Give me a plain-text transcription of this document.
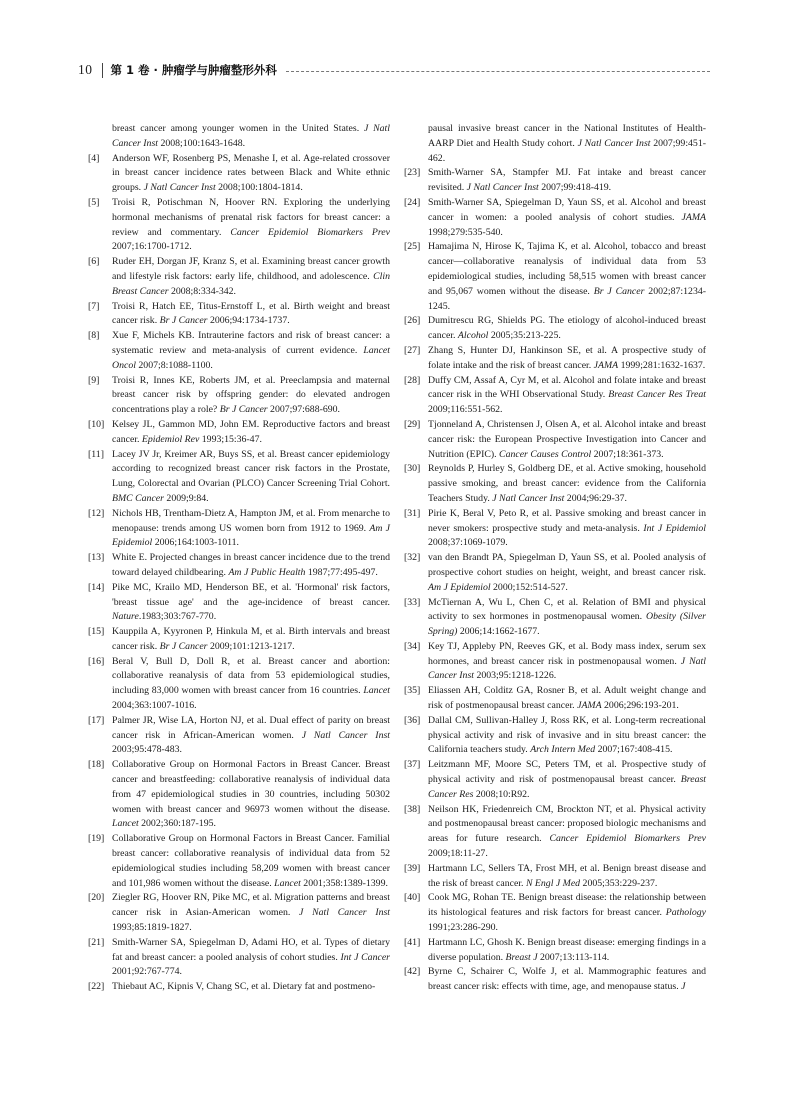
10 第 1 卷 · 肿瘤学与肿瘤整形外科
breast cancer among younger women in the United States. J Natl Cancer Inst 2008;100:1643-1648.
[4] Anderson WF, Rosenberg PS, Menashe I, et al. Age-related crossover in breast cancer incidence rates between Black and White ethnic groups. J Natl Cancer Inst 2008;100:1804-1814.
[5] Troisi R, Potischman N, Hoover RN. Exploring the underlying hormonal mechanisms of prenatal risk factors for breast cancer: a review and commentary. Cancer Epidemiol Biomarkers Prev 2007;16:1700-1712.
[6] Ruder EH, Dorgan JF, Kranz S, et al. Examining breast cancer growth and lifestyle risk factors: early life, childhood, and adolescence. Clin Breast Cancer 2008;8:334-342.
[7] Troisi R, Hatch EE, Titus-Ernstoff L, et al. Birth weight and breast cancer risk. Br J Cancer 2006;94:1734-1737.
[8] Xue F, Michels KB. Intrauterine factors and risk of breast cancer: a systematic review and meta-analysis of current evidence. Lancet Oncol 2007;8:1088-1100.
[9] Troisi R, Innes KE, Roberts JM, et al. Preeclampsia and maternal breast cancer risk by offspring gender: do elevated androgen concentrations play a role? Br J Cancer 2007;97:688-690.
[10] Kelsey JL, Gammon MD, John EM. Reproductive factors and breast cancer. Epidemiol Rev 1993;15:36-47.
[11] Lacey JV Jr, Kreimer AR, Buys SS, et al. Breast cancer epidemiology according to recognized breast cancer risk factors in the Prostate, Lung, Colorectal and Ovarian (PLCO) Cancer Screening Trial Cohort. BMC Cancer 2009;9:84.
[12] Nichols HB, Trentham-Dietz A, Hampton JM, et al. From menarche to menopause: trends among US women born from 1912 to 1969. Am J Epidemiol 2006;164:1003-1011.
[13] White E. Projected changes in breast cancer incidence due to the trend toward delayed childbearing. Am J Public Health 1987;77:495-497.
[14] Pike MC, Krailo MD, Henderson BE, et al. 'Hormonal' risk factors, 'breast tissue age' and the age-incidence of breast cancer. Nature.1983;303:767-770.
[15] Kauppila A, Kyyronen P, Hinkula M, et al. Birth intervals and breast cancer risk. Br J Cancer 2009;101:1213-1217.
[16] Beral V, Bull D, Doll R, et al. Breast cancer and abortion: collaborative reanalysis of data from 53 epidemiological studies, including 83,000 women with breast cancer from 16 countries. Lancet 2004;363:1007-1016.
[17] Palmer JR, Wise LA, Horton NJ, et al. Dual effect of parity on breast cancer risk in African-American women. J Natl Cancer Inst 2003;95:478-483.
[18] Collaborative Group on Hormonal Factors in Breast Cancer. Breast cancer and breastfeeding: collaborative reanalysis of individual data from 47 epidemiological studies in 30 countries, including 50302 women with breast cancer and 96973 women without the disease. Lancet 2002;360:187-195.
[19] Collaborative Group on Hormonal Factors in Breast Cancer. Familial breast cancer: collaborative reanalysis of individual data from 52 epidemiological studies including 58,209 women with breast cancer and 101,986 women without the disease. Lancet 2001;358:1389-1399.
[20] Ziegler RG, Hoover RN, Pike MC, et al. Migration patterns and breast cancer risk in Asian-American women. J Natl Cancer Inst 1993;85:1819-1827.
[21] Smith-Warner SA, Spiegelman D, Adami HO, et al. Types of dietary fat and breast cancer: a pooled analysis of cohort studies. Int J Cancer 2001;92:767-774.
[22] Thiebaut AC, Kipnis V, Chang SC, et al. Dietary fat and postmeno-
pausal invasive breast cancer in the National Institutes of Health-AARP Diet and Health Study cohort. J Natl Cancer Inst 2007;99:451-462.
[23] Smith-Warner SA, Stampfer MJ. Fat intake and breast cancer revisited. J Natl Cancer Inst 2007;99:418-419.
[24] Smith-Warner SA, Spiegelman D, Yaun SS, et al. Alcohol and breast cancer in women: a pooled analysis of cohort studies. JAMA 1998;279:535-540.
[25] Hamajima N, Hirose K, Tajima K, et al. Alcohol, tobacco and breast cancer—collaborative reanalysis of individual data from 53 epidemiological studies, including 58,515 women with breast cancer and 95,067 women without the disease. Br J Cancer 2002;87:1234-1245.
[26] Dumitrescu RG, Shields PG. The etiology of alcohol-induced breast cancer. Alcohol 2005;35:213-225.
[27] Zhang S, Hunter DJ, Hankinson SE, et al. A prospective study of folate intake and the risk of breast cancer. JAMA 1999;281:1632-1637.
[28] Duffy CM, Assaf A, Cyr M, et al. Alcohol and folate intake and breast cancer risk in the WHI Observational Study. Breast Cancer Res Treat 2009;116:551-562.
[29] Tjonneland A, Christensen J, Olsen A, et al. Alcohol intake and breast cancer risk: the European Prospective Investigation into Cancer and Nutrition (EPIC). Cancer Causes Control 2007;18:361-373.
[30] Reynolds P, Hurley S, Goldberg DE, et al. Active smoking, household passive smoking, and breast cancer: evidence from the California Teachers Study. J Natl Cancer Inst 2004;96:29-37.
[31] Pirie K, Beral V, Peto R, et al. Passive smoking and breast cancer in never smokers: prospective study and meta-analysis. Int J Epidemiol 2008;37:1069-1079.
[32] van den Brandt PA, Spiegelman D, Yaun SS, et al. Pooled analysis of prospective cohort studies on height, weight, and breast cancer risk. Am J Epidemiol 2000;152:514-527.
[33] McTiernan A, Wu L, Chen C, et al. Relation of BMI and physical activity to sex hormones in postmenopausal women. Obesity (Silver Spring) 2006;14:1662-1677.
[34] Key TJ, Appleby PN, Reeves GK, et al. Body mass index, serum sex hormones, and breast cancer risk in postmenopausal women. J Natl Cancer Inst 2003;95:1218-1226.
[35] Eliassen AH, Colditz GA, Rosner B, et al. Adult weight change and risk of postmenopausal breast cancer. JAMA 2006;296:193-201.
[36] Dallal CM, Sullivan-Halley J, Ross RK, et al. Long-term recreational physical activity and risk of invasive and in situ breast cancer: the California teachers study. Arch Intern Med 2007;167:408-415.
[37] Leitzmann MF, Moore SC, Peters TM, et al. Prospective study of physical activity and risk of postmenopausal breast cancer. Breast Cancer Res 2008;10:R92.
[38] Neilson HK, Friedenreich CM, Brockton NT, et al. Physical activity and postmenopausal breast cancer: proposed biologic mechanisms and areas for future research. Cancer Epidemiol Biomarkers Prev 2009;18:11-27.
[39] Hartmann LC, Sellers TA, Frost MH, et al. Benign breast disease and the risk of breast cancer. N Engl J Med 2005;353:229-237.
[40] Cook MG, Rohan TE. Benign breast disease: the relationship between its histological features and risk factors for breast cancer. Pathology 1991;23:286-290.
[41] Hartmann LC, Ghosh K. Benign breast disease: emerging findings in a diverse population. Breast J 2007;13:113-114.
[42] Byrne C, Schairer C, Wolfe J, et al. Mammographic features and breast cancer risk: effects with time, age, and menopause status. J
